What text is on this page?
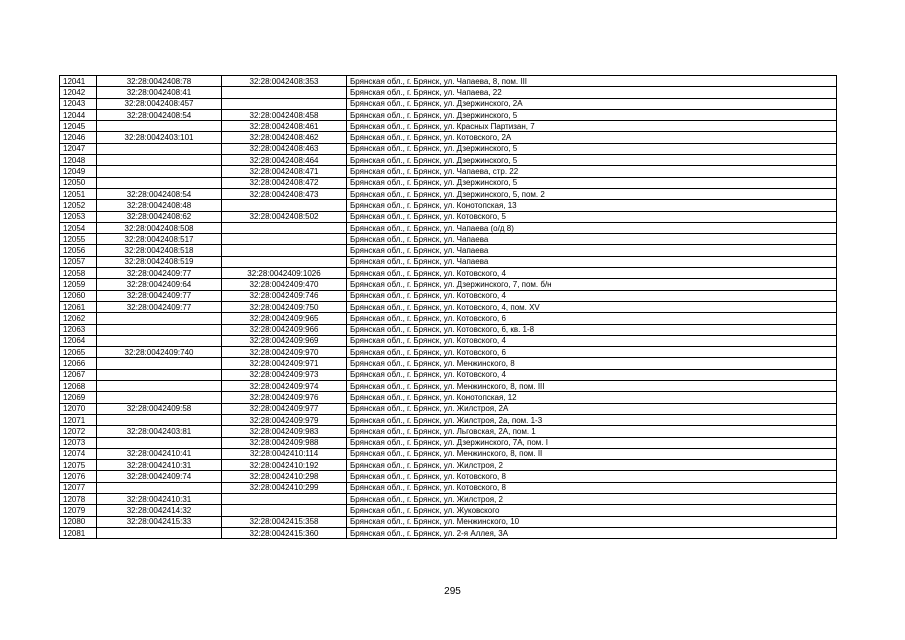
12041	32:28:0042408:78	32:28:0042408:353	Брянская обл., г. Брянск, ул. Чапаева, 8, пом. III
12042	32:28:0042408:41		Брянская обл., г. Брянск, ул. Чапаева, 22
12043	32:28:0042408:457		Брянская обл., г. Брянск, ул. Дзержинского, 2А
12044	32:28:0042408:54	32:28:0042408:458	Брянская обл., г. Брянск, ул. Дзержинского, 5
12045		32:28:0042408:461	Брянская обл., г. Брянск, ул. Красных Партизан, 7
12046	32:28:0042403:101	32:28:0042408:462	Брянская обл., г. Брянск, ул. Котовского, 2А
12047		32:28:0042408:463	Брянская обл., г. Брянск, ул. Дзержинского, 5
12048		32:28:0042408:464	Брянская обл., г. Брянск, ул. Дзержинского, 5
12049		32:28:0042408:471	Брянская обл., г. Брянск, ул. Чапаева, стр. 22
12050		32:28:0042408:472	Брянская обл., г. Брянск, ул. Дзержинского, 5
12051	32:28:0042408:54	32:28:0042408:473	Брянская обл., г. Брянск, ул. Дзержинского, 5, пом. 2
12052	32:28:0042408:48		Брянская обл., г. Брянск, ул. Конотопская, 13
12053	32:28:0042408:62	32:28:0042408:502	Брянская обл., г. Брянск, ул. Котовского, 5
12054	32:28:0042408:508		Брянская обл., г. Брянск, ул. Чапаева (о/д 8)
12055	32:28:0042408:517		Брянская обл., г. Брянск, ул. Чапаева
12056	32:28:0042408:518		Брянская обл., г. Брянск, ул. Чапаева
12057	32:28:0042408:519		Брянская обл., г. Брянск, ул. Чапаева
12058	32:28:0042409:77	32:28:0042409:1026	Брянская обл., г. Брянск, ул. Котовского, 4
12059	32:28:0042409:64	32:28:0042409:470	Брянская обл., г. Брянск, ул. Дзержинского, 7, пом. б/н
12060	32:28:0042409:77	32:28:0042409:746	Брянская обл., г. Брянск, ул. Котовского, 4
12061	32:28:0042409:77	32:28:0042409:750	Брянская обл., г. Брянск, ул. Котовского, 4, пом. XV
12062		32:28:0042409:965	Брянская обл., г. Брянск, ул. Котовского, 6
12063		32:28:0042409:966	Брянская обл., г. Брянск, ул. Котовского, 6, кв. 1-8
12064		32:28:0042409:969	Брянская обл., г. Брянск, ул. Котовского, 4
12065	32:28:0042409:740	32:28:0042409:970	Брянская обл., г. Брянск, ул. Котовского, 6
12066		32:28:0042409:971	Брянская обл., г. Брянск, ул. Менжинского, 8
12067		32:28:0042409:973	Брянская обл., г. Брянск, ул. Котовского, 4
12068		32:28:0042409:974	Брянская обл., г. Брянск, ул. Менжинского, 8, пом. III
12069		32:28:0042409:976	Брянская обл., г. Брянск, ул. Конотопская, 12
12070	32:28:0042409:58	32:28:0042409:977	Брянская обл., г. Брянск, ул. Жилстроя, 2А
12071		32:28:0042409:979	Брянская обл., г. Брянск, ул. Жилстроя, 2а, пом. 1-3
12072	32:28:0042403:81	32:28:0042409:983	Брянская обл., г. Брянск, ул. Льговская, 2А, пом. 1
12073		32:28:0042409:988	Брянская обл., г. Брянск, ул. Дзержинского, 7А, пом. I
12074	32:28:0042410:41	32:28:0042410:114	Брянская обл., г. Брянск, ул. Менжинского, 8, пом. II
12075	32:28:0042410:31	32:28:0042410:192	Брянская обл., г. Брянск, ул. Жилстроя, 2
12076	32:28:0042409:74	32:28:0042410:298	Брянская обл., г. Брянск, ул. Котовского, 8
12077		32:28:0042410:299	Брянская обл., г. Брянск, ул. Котовского, 8
12078	32:28:0042410:31		Брянская обл., г. Брянск, ул. Жилстроя, 2
12079	32:28:0042414:32		Брянская обл., г. Брянск, ул. Жуковского
12080	32:28:0042415:33	32:28:0042415:358	Брянская обл., г. Брянск, ул. Менжинского, 10
12081		32:28:0042415:360	Брянская обл., г. Брянск, ул. 2-я Аллея, 3А
295
